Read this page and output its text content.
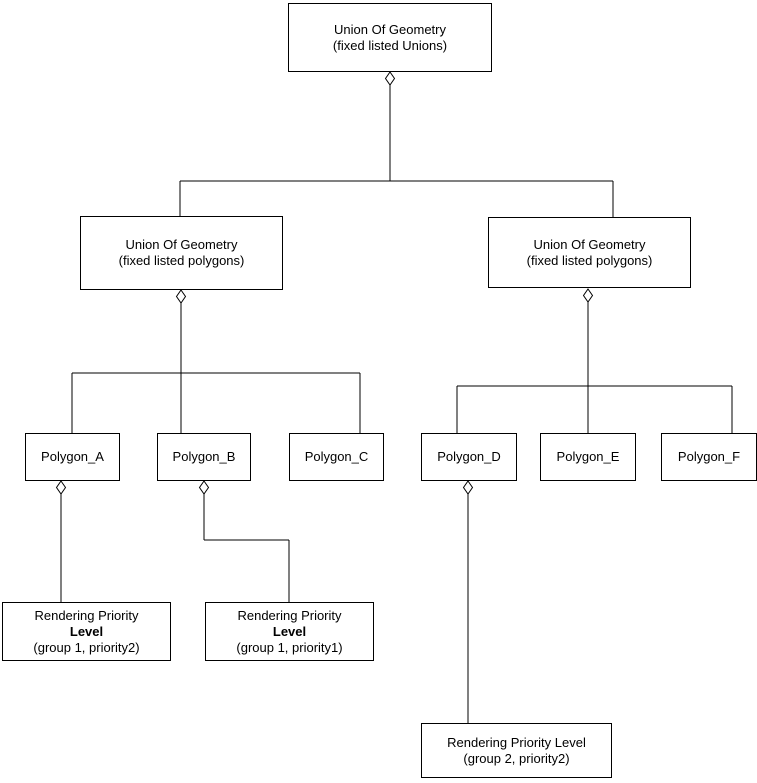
Union Of Geometry
(fixed listed Unions)
Union Of Geometry
(fixed listed polygons)
Union Of Geometry
(fixed listed polygons)
Polygon_A	Polygon_B	Polygon_C	Polygon_D	Polygon_E	Polygon_F
Rendering Priority
Level
(group 1, priority2)
Rendering Priority
Level
(group 1, priority1)
Rendering Priority Level
(group 2, priority2)
